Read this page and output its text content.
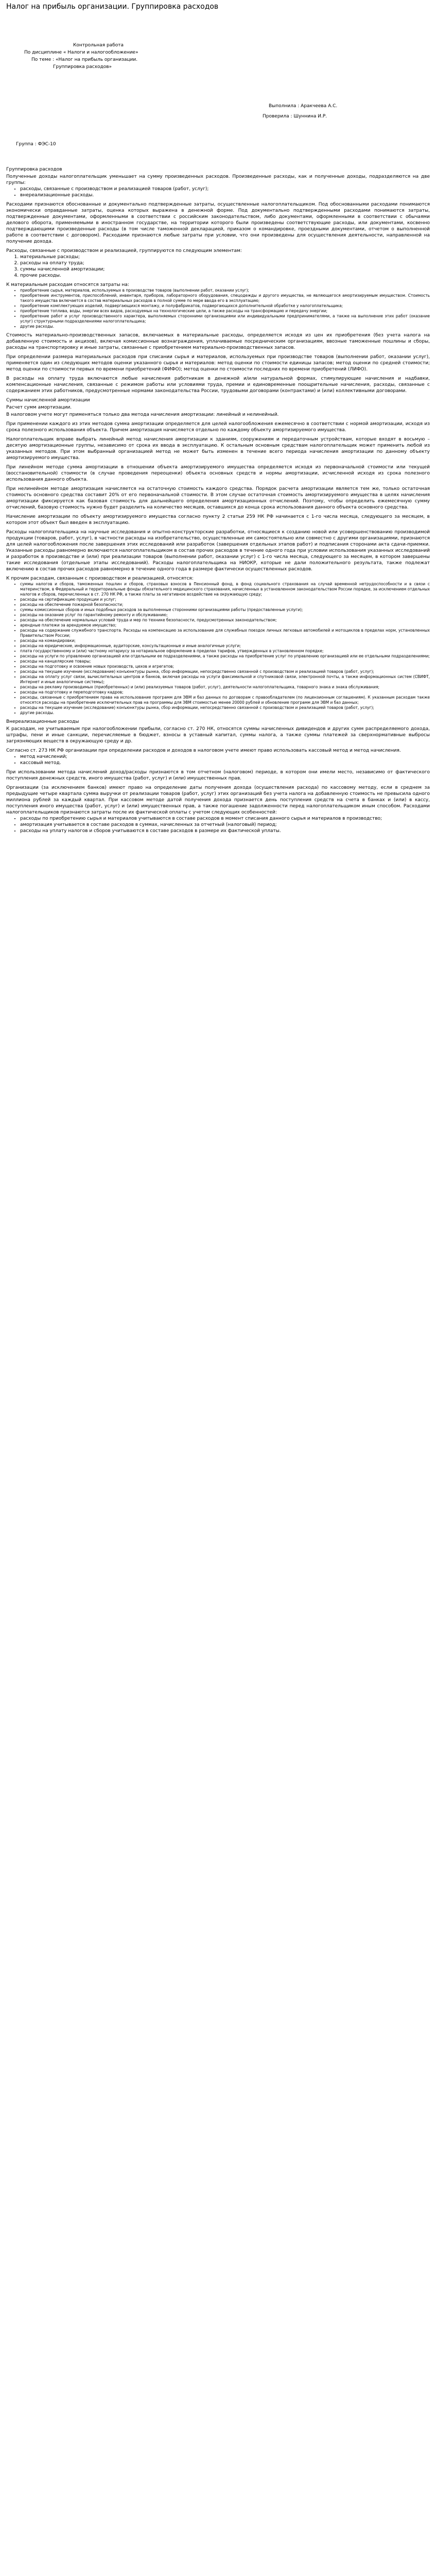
Налог на прибыль организации. Группировка расходов

Контрольная работа

По дисциплине « Налоги и налогообложение»

По теме : «Налог на прибыль организации.

Группировка расходов»

Выполнила : Аракчеева А.С.

Проверила : Шуннина И.Р.

Группа : ФЭС-10

Группировка расходов

Полученные доходы налогоплательщик уменьшает на сумму произведенных расходов. Произведенные расходы, как и полученные доходы, подразделяются на две группы:

• расходы, связанные с производством и реализацией товаров (работ, услуг);
• внереализационные расходы.

Расходами признаются обоснованные и документально подтвержденные затраты, осуществленные налогоплательщиком. Под обоснованными расходами понимаются экономически оправданные затраты, оценка которых выражена в денежной форме. Под документально подтвержденными расходами понимаются затраты, подтвержденные документами, оформленными в соответствии с российским законодательством, либо документами, оформленными в соответствии с обычаями делового оборота, применяемыми в иностранном государстве, на территории которого были произведены соответствующие расходы, или документами, косвенно подтверждающими произведенные расходы (в том числе таможенной декларацией, приказом о командировке, проездными документами, отчетом о выполненной работе в соответствии с договором). Расходами признаются любые затраты при условии, что они произведены для осуществления деятельности, направленной на получение дохода.

Расходы, связанные с производством и реализацией, группируются по следующим элементам:

1. материальные расходы;
2. расходы на оплату труда;
3. суммы начисленной амортизации;
4. прочие расходы.

К материальным расходам относятся затраты на:

• приобретение сырья, материалов, используемых в производстве товаров (выполнении работ, оказании услуг);
• приобретение инструментов, приспособлений, инвентаря, приборов, лабораторного оборудования, спецодежды и другого имущества, не являющегося амортизируемым имуществом. Стоимость такого имущества включается в состав материальных расходов в полной сумме по мере ввода его в эксплуатацию;
• приобретение комплектующих изделий, подвергающихся монтажу, и полуфабрикатов, подвергающихся дополнительной обработке у налогоплательщика;
• приобретение топлива, воды, энергии всех видов, расходуемых на технологические цели, а также расходы на трансформацию и передачу энергии;
• приобретение работ и услуг производственного характера, выполняемых сторонними организациями или индивидуальными предпринимателями, а также на выполнение этих работ (оказание услуг) структурными подразделениями налогоплательщика;
• другие расходы.

Стоимость материально-производственных запасов, включаемых в материальные расходы, определяется исходя из цен их приобретения (без учета налога на добавленную стоимость и акцизов), включая комиссионные вознаграждения, уплачиваемые посредническим организациям, ввозные таможенные пошлины и сборы, расходы на транспортировку и иные затраты, связанные с приобретением материально-производственных запасов.

При определении размера материальных расходов при списании сырья и материалов, используемых при производстве товаров (выполнении работ, оказании услуг), применяется один из следующих методов оценки указанного сырья и материалов: метод оценки по стоимости единицы запасов; метод оценки по средней стоимости; метод оценки по стоимости первых по времени приобретений (ФИФО); метод оценки по стоимости последних по времени приобретений (ЛИФО).

В расходы на оплату труда включаются любые начисления работникам в денежной и/или натуральной формах, стимулирующие начисления и надбавки, компенсационные начисления, связанные с режимом работы или условиями труда, премии и единовременные поощрительные начисления, расходы, связанные с содержанием этих работников, предусмотренные нормами законодательства России, трудовыми договорами (контрактами) и (или) коллективными договорами.

Суммы начисленной амортизации

Расчет сумм амортизации.

В налоговом учете могут применяться только два метода начисления амортизации: линейный и нелинейный.

При применении каждого из этих методов сумма амортизации определяется для целей налогообложения ежемесячно в соответствии с нормой амортизации, исходя из срока полезного использования объекта. Причем амортизация начисляется отдельно по каждому объекту амортизируемого имущества.

Налогоплательщик вправе выбрать линейный метод начисления амортизации к зданиям, сооружениям и передаточным устройствам, которые входят в восьмую – десятую амортизационные группы, независимо от срока их ввода в эксплуатацию. К остальным основным средствам налогоплательщик может применить любой из указанных методов. При этом выбранный организацией метод не может быть изменен в течение всего периода начисления амортизации по данному объекту амортизируемого имущества.

При линейном методе сумма амортизации в отношении объекта амортизируемого имущества определяется исходя из первоначальной стоимости или текущей (восстановительной) стоимости (в случае проведения переоценки) объекта основных средств и нормы амортизации, исчисленной исходя из срока полезного использования данного объекта.

При нелинейном методе амортизация начисляется на остаточную стоимость каждого средства. Порядок расчета амортизации является тем же, только остаточная стоимость основного средства составит 20% от его первоначальной стоимости. В этом случае остаточная стоимость амортизируемого имущества в целях начисления амортизации фиксируется как базовая стоимость для дальнейшего определения амортизационных отчислений. Поэтому, чтобы определить ежемесячную сумму отчислений, базовую стоимость нужно будет разделить на количество месяцев, оставшихся до конца срока использования данного объекта основного средства.

Начисление амортизации по объекту амортизируемого имущества согласно пункту 2 статьи 259 НК РФ начинается с 1-го числа месяца, следующего за месяцем, в котором этот объект был введен в эксплуатацию.

Расходы налогоплательщика на научные исследования и опытно-конструкторские разработки, относящиеся к созданию новой или усовершенствованию производимой продукции (товаров, работ, услуг), в частности расходы на изобретательство, осуществленные им самостоятельно или совместно с другими организациями, признаются для целей налогообложения после завершения этих исследований или разработок (завершения отдельных этапов работ) и подписания сторонами акта сдачи-приемки. Указанные расходы равномерно включаются налогоплательщиком в состав прочих расходов в течение одного года при условии использования указанных исследований и разработок в производстве и (или) при реализации товаров (выполнении работ, оказании услуг) с 1-го числа месяца, следующего за месяцем, в котором завершены такие исследования (отдельные этапы исследований). Расходы налогоплательщика на НИОКР, которые не дали положительного результата, также подлежат включению в состав прочих расходов равномерно в течение одного года в размере фактически осуществленных расходов.

К прочим расходам, связанным с производством и реализацией, относятся:

• суммы налогов и сборов, таможенных пошлин и сборов, страховых взносов в Пенсионный фонд, в фонд социального страхования на случай временной нетрудоспособности и в связи с материнством, в Федеральный и территориальные фонды обязательного медицинского страхования, начисленных в установленном законодательством России порядке, за исключением отдельных налогов и сборов, перечисленных в ст. 270 НК РФ, а также платы за негативное воздействие на окружающую среду;
• расходы на сертификацию продукции и услуг;
• расходы на обеспечение пожарной безопасности;
• суммы комиссионных сборов и иных подобных расходов за выполненные сторонними организациями работы (предоставленные услуги);
• расходы на оказание услуг по гарантийному ремонту и обслуживанию;
• расходы на обеспечение нормальных условий труда и мер по технике безопасности, предусмотренных законодательством;
• арендные платежи за арендуемое имущество;
• расходы на содержание служебного транспорта. Расходы на компенсацию за использование для служебных поездок личных легковых автомобилей и мотоциклов в пределах норм, установленных Правительством России;
• расходы на командировки;
• расходы на юридические, информационные, аудиторские, консультационные и иные аналогичные услуги;
• плата государственному и (или) частному нотариусу за нотариальное оформление в пределах тарифов, утвержденных в установленном порядке;
• расходы на услуги по управлению организацией или отдельными ее подразделениями, а также расходы на приобретение услуг по управлению организацией или ее отдельными подразделениями;
• расходы на канцелярские товары;
• расходы на подготовку и освоение новых производств, цехов и агрегатов;
• расходы на текущее изучение (исследование) конъюнктуры рынка, сбор информации, непосредственно связанной с производством и реализацией товаров (работ, услуг);
• расходы на оплату услуг связи, вычислительных центров и банков, включая расходы на услуги факсимильной и спутниковой связи, электронной почты, а также информационных систем (СВИФТ, Интернет и иные аналогичные системы);
• расходы на рекламу производимых (приобретенных) и (или) реализуемых товаров (работ, услуг), деятельности налогоплательщика, товарного знака и знака обслуживания;
• расходы на подготовку и переподготовку кадров;
• расходы, связанные с приобретением права на использование программ для ЭВМ и баз данных по договорам с правообладателем (по лицензионным соглашениям). К указанным расходам также относятся расходы на приобретение исключительных прав на программы для ЭВМ стоимостью менее 20000 рублей и обновление программ для ЭВМ и баз данных;
• расходы на текущее изучение (исследование) конъюнктуры рынка, сбор информации, непосредственно связанной с производством и реализацией товаров (работ, услуг);
• другие расходы.

Внереализационные расходы

К расходам, не учитываемым при налогообложении прибыли, согласно ст. 270 НК, относятся суммы начисленных дивидендов и других сумм распределяемого дохода, штрафы, пени и иные санкции, перечисляемые в бюджет, взносы в уставный капитал, суммы налога, а также суммы платежей за сверхнормативные выбросы загрязняющих веществ в окружающую среду и др.

Согласно ст. 273 НК РФ организации при определении расходов и доходов в налоговом учете имеют право использовать кассовый метод и метод начисления.

• метод начислений;
• кассовый метод.

При использовании метода начислений доход/расходы признаются в том отчетном (налоговом) периоде, в котором они имели место, независимо от фактического поступления денежных средств, иного имущества (работ, услуг) и (или) имущественных прав.

Организации (за исключением банков) имеют право на определение даты получения дохода (осуществления расхода) по кассовому методу, если в среднем за предыдущие четыре квартала сумма выручки от реализации товаров (работ, услуг) этих организаций без учета налога на добавленную стоимость не превысила одного миллиона рублей за каждый квартал. При кассовом методе датой получения дохода признается день поступления средств на счета в банках и (или) в кассу, поступления иного имущества (работ, услуг) и (или) имущественных прав, а также погашение задолженности перед налогоплательщиком иным способом. Расходами налогоплательщиков признаются затраты после их фактической оплаты с учетом следующих особенностей:

• расходы по приобретению сырья и материалов учитываются в составе расходов в момент списания данного сырья и материалов в производство;
• амортизация учитывается в составе расходов в суммах, начисленных за отчетный (налоговый) период;
• расходы на уплату налогов и сборов учитываются в составе расходов в размере их фактической уплаты.
